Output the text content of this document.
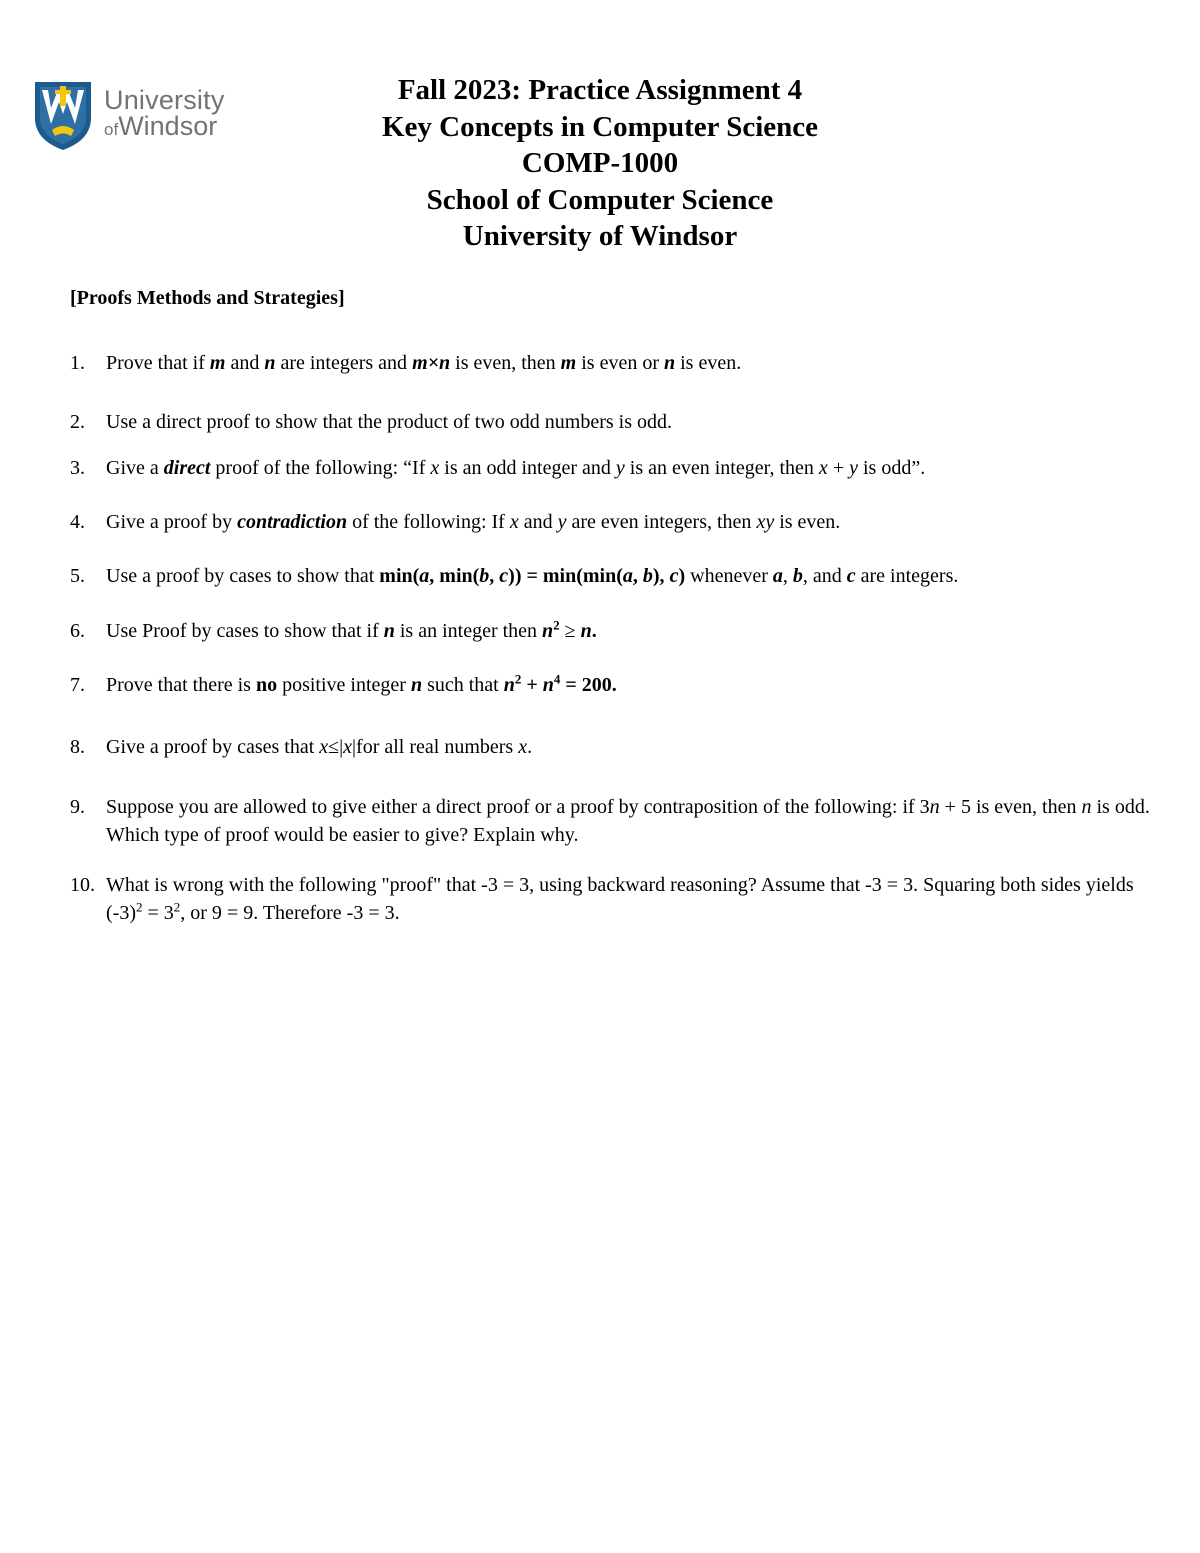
University
ofWindsor
Fall 2023: Practice Assignment 4
Key Concepts in Computer Science
COMP-1000
School of Computer Science
University of Windsor
[Proofs Methods and Strategies]
1.	Prove that if m and n are integers and m×n is even, then m is even or n is even.
2.	Use a direct proof to show that the product of two odd numbers is odd.
3.	Give a direct proof of the following: “If x is an odd integer and y is an even integer, then x + y is odd”.
4.	Give a proof by contradiction of the following: If x and y are even integers, then xy is even.
5.	Use a proof by cases to show that min(a, min(b, c)) = min(min(a, b), c) whenever a, b, and c are integers.
6.	Use Proof by cases to show that if n is an integer then $n^2 \ge n$.
7.	Prove that there is no positive integer n such that $n^2 + n^4 = 200$.
8.	Give a proof by cases that x≤|x|for all real numbers x.
9.	Suppose you are allowed to give either a direct proof or a proof by contraposition of the following: if 3n + 5 is even, then n is odd. Which type of proof would be easier to give? Explain why.
10. What is wrong with the following "proof" that -3 = 3, using backward reasoning? Assume that -3 = 3. Squaring both sides yields $(-3)^2 = 3^2$, or 9 = 9. Therefore -3 = 3.
